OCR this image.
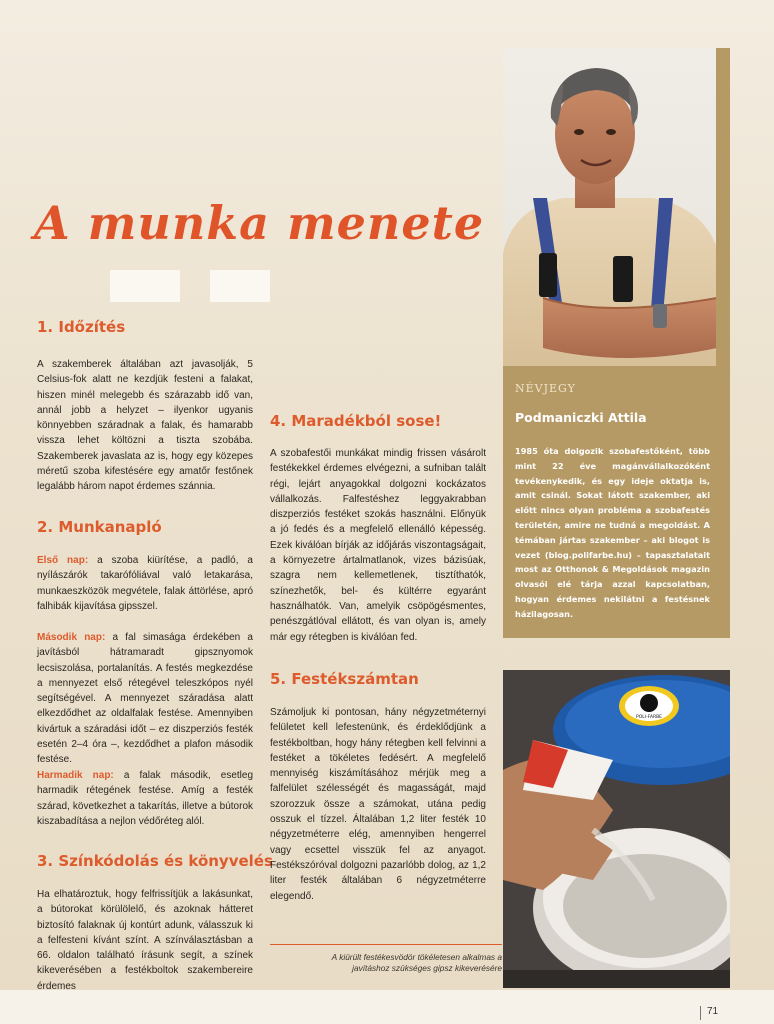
A munka menete
1. Időzítés
A szakemberek általában azt javasolják, 5 Celsius-fok alatt ne kezdjük festeni a falakat, hiszen minél melegebb és szárazabb idő van, annál jobb a helyzet – ilyenkor ugyanis könnyebben száradnak a falak, és hamarabb vissza lehet költözni a tiszta szobába. Szakemberek javaslata az is, hogy egy közepes méretű szoba kifestésére egy amatőr festőnek legalább három napot érdemes szánnia.
2. Munkanapló
Első nap: a szoba kiürítése, a padló, a nyílászárók takarófóliával való letakarása, munkaeszközök megvétele, falak áttörlése, apró falhibák kijavítása gipsszel.
Második nap: a fal simasága érdekében a javításból hátramaradt gipsznyomok lecsiszolása, portalanítás. A festés megkezdése a mennyezet első rétegével teleszkópos nyél segítségével. A mennyezet száradása alatt elkezdődhet az oldalfalak festése. Amennyiben kivártuk a száradási időt – ez diszperziós festék esetén 2–4 óra –, kezdődhet a plafon második festése.
Harmadik nap: a falak második, esetleg harmadik rétegének festése. Amíg a festék szárad, következhet a takarítás, illetve a bútorok kiszabadítása a nejlon védőréteg alól.
3. Színkódolás és könyvelés
Ha elhatároztuk, hogy felfrissítjük a lakásunkat, a bútorokat körülölelő, és azoknak hátteret biztosító falaknak új kontúrt adunk, válasszuk ki a felfesteni kívánt színt. A színválasztásban a 66. oldalon található írásunk segít, a színek kikeverésében a festékboltok szakembereire érdemes
4. Maradékból sose!
A szobafestői munkákat mindig frissen vásárolt festékekkel érdemes elvégezni, a sufniban talált régi, lejárt anyagokkal dolgozni kockázatos vállalkozás. Falfestéshez leggyakrabban diszperziós festéket szokás használni. Előnyük a jó fedés és a megfelelő ellenálló képesség. Ezek kiválóan bírják az időjárás viszontagságait, a környezetre ártalmatlanok, vizes bázisúak, szagra nem kellemetlenek, tisztíthatók, színezhetők, bel- és kültérre egyaránt használhatók. Van, amelyik csöpögésmentes, penészgátlóval ellátott, és van olyan is, amely már egy rétegben is kiválóan fed.
5. Festékszámtan
Számoljuk ki pontosan, hány négyzetméternyi felületet kell lefestenünk, és érdeklődjünk a festékboltban, hogy hány rétegben kell felvinni a festéket a tökéletes fedésért. A megfelelő mennyiség kiszámításához mérjük meg a falfelület szélességét és magasságát, majd szorozzuk össze a számokat, utána pedig osszuk el tízzel. Általában 1,2 liter festék 10 négyzetméterre elég, amennyiben hengerrel vagy ecsettel visszük fel az anyagot. Festékszóróval dolgozni pazarlóbb dolog, az 1,2 liter festék általában 6 négyzetméterre elegendő.
NÉVJEGY
Podmaniczki Attila
1985 óta dolgozik szobafestőként, több mint 22 éve magánvállalkozóként tevékenykedik, és egy ideje oktatja is, amit csinál. Sokat látott szakember, aki előtt nincs olyan probléma a szobafestés területén, amire ne tudná a megoldást. A témában jártas szakember – aki blogot is vezet (blog.polifarbe.hu) – tapasztalatait most az Otthonok & Megoldások magazin olvasói elé tárja azzal kapcsolatban, hogyan érdemes nekilátni a festésnek házilagosan.
POLI-FARBE
A kiürült festékesvödör tökéletesen alkalmas a javításhoz szükséges gipsz kikeverésére
71
